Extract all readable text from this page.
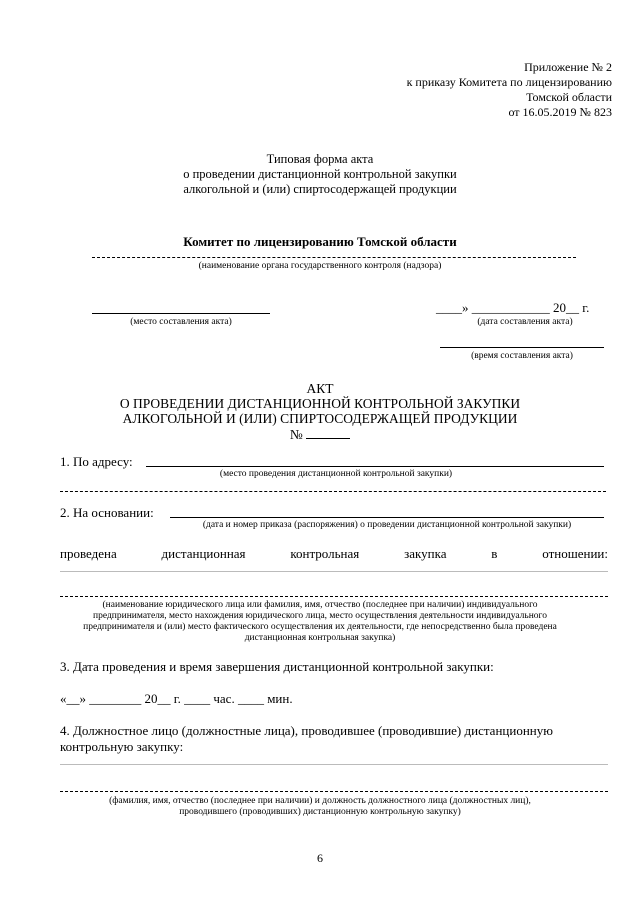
Приложение № 2
к приказу Комитета по лицензированию
Томской области
от 16.05.2019 № 823
Типовая форма акта
о проведении дистанционной контрольной закупки
алкогольной и (или) спиртосодержащей продукции
Комитет по лицензированию Томской области
(наименование органа государственного контроля (надзора)
(место составления акта)
____» ____________ 20__ г.
(дата составления акта)
(время составления акта)
АКТ
О ПРОВЕДЕНИИ ДИСТАНЦИОННОЙ КОНТРОЛЬНОЙ ЗАКУПКИ
АЛКОГОЛЬНОЙ И (ИЛИ) СПИРТОСОДЕРЖАЩЕЙ ПРОДУКЦИИ
№
1. По адресу:
(место проведения дистанционной контрольной закупки)
2. На основании:
(дата и номер приказа (распоряжения) о проведении дистанционной контрольной закупки)
проведена	дистанционная	контрольная	закупка	в	отношении:
(наименование юридического лица или фамилия, имя, отчество (последнее при наличии) индивидуального
предпринимателя, место нахождения юридического лица, место осуществления деятельности индивидуального
предпринимателя и (или) место фактического осуществления их деятельности, где непосредственно была проведена
дистанционная контрольная закупка)
3. Дата проведения и время завершения дистанционной контрольной закупки:
«__» ________ 20__ г. ____ час. ____ мин.
4. Должностное лицо (должностные лица), проводившее (проводившие) дистанционную
контрольную закупку:
(фамилия, имя, отчество (последнее при наличии) и должность должностного лица (должностных лиц),
проводившего (проводивших) дистанционную контрольную закупку)
6
